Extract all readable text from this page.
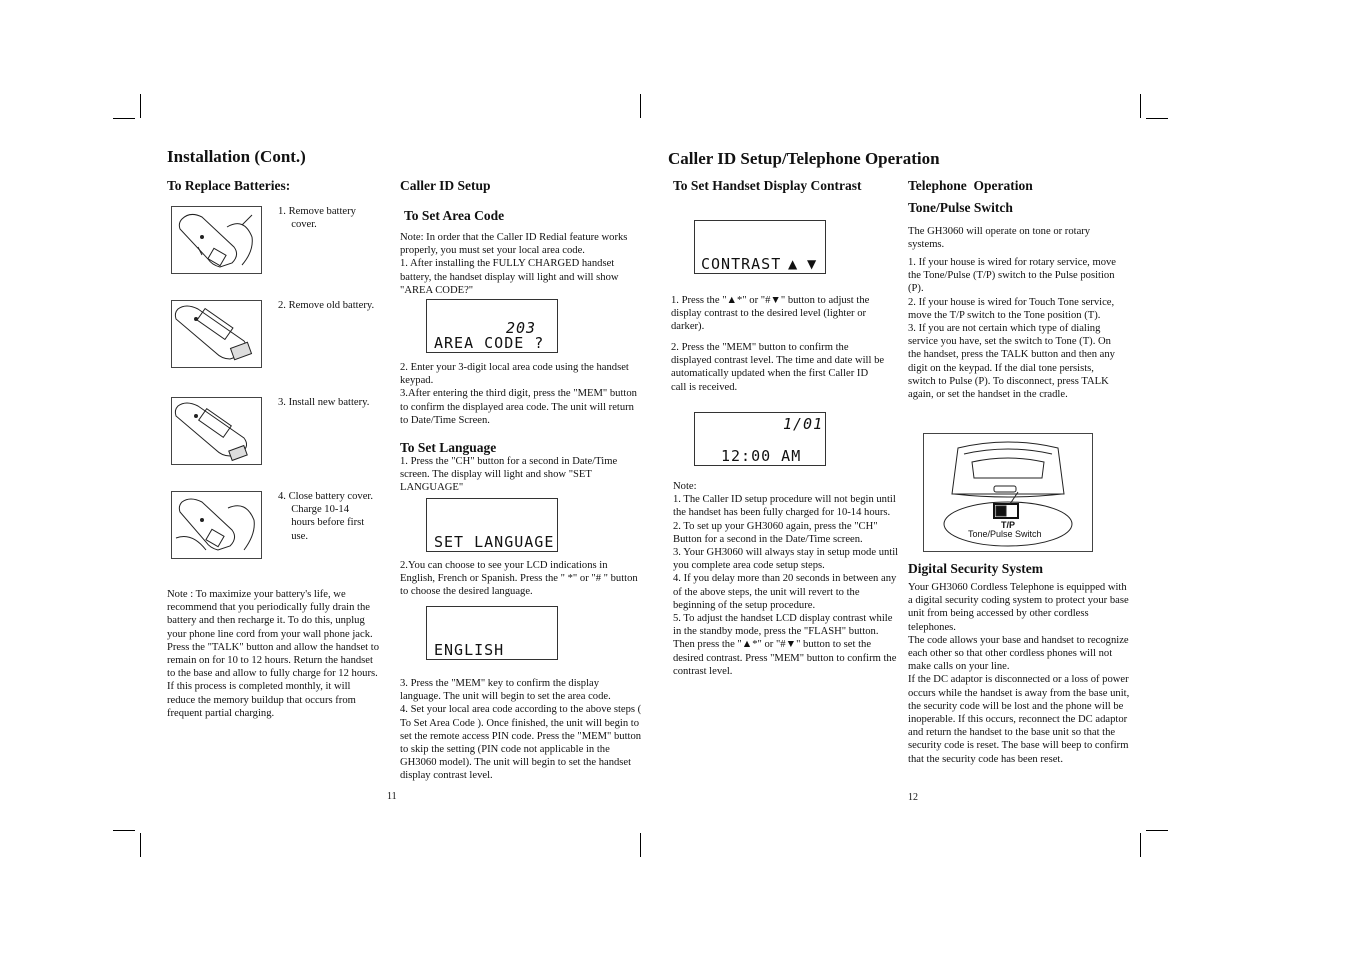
Installation (Cont.)
To Replace Batteries:
1. Remove battery
cover.
2. Remove old battery.
3. Install new battery.
4. Close battery cover.
Charge 10-14
hours before first
use.
Note : To maximize your battery's life, we recommend that you periodically fully drain the battery and then recharge it. To do this, unplug your phone line cord from your wall phone jack. Press the "TALK" button and allow the handset to remain on for 10 to 12 hours. Return the handset to the base and allow to fully charge for 12 hours. If this process is completed monthly, it will reduce the memory buildup that occurs from frequent partial charging.
Caller ID Setup
To Set Area Code
Note: In order that the Caller ID Redial feature works properly, you must set your local area code.
1. After installing the FULLY CHARGED handset battery, the handset display will light and will show "AREA CODE?"
203
AREA CODE ?
2. Enter your 3-digit local area code using the handset keypad.
3.After entering the third digit, press the "MEM" button to confirm the displayed area code. The unit will return to Date/Time Screen.
To Set Language
1. Press the "CH" button for a second in Date/Time screen. The display will light and show "SET LANGUAGE"
SET LANGUAGE
2.You can choose to see your LCD indications in English, French or Spanish. Press the " *" or "# " button to choose the desired language.
ENGLISH
3. Press the "MEM" key to confirm the display language. The unit will begin to set the area code.
4. Set your local area code according to the above steps ( To Set Area Code ). Once finished, the unit will begin to set the remote access PIN code. Press the "MEM" button to skip the setting (PIN code not applicable in the GH3060 model). The unit will begin to set the handset display contrast level.
11
Caller ID Setup/Telephone Operation
To Set Handset Display Contrast
CONTRAST ▲ ▼
1. Press the "▲*" or "#▼" button to adjust the display contrast to the desired level (lighter or darker).
2. Press the "MEM" button to confirm the displayed contrast level. The time and date will be automatically updated when the first Caller ID call is received.
1/01
12:00 AM
Note:
1. The Caller ID setup procedure will not begin until the handset has been fully charged for 10-14 hours.
2. To set up your GH3060 again, press the "CH" Button for a second in the Date/Time screen.
3. Your GH3060 will always stay in setup mode until you complete area code setup steps.
4. If you delay more than 20 seconds in between any of the above steps, the unit will revert to the beginning of the setup procedure.
5. To adjust the handset LCD display contrast while in the standby mode, press the "FLASH" button. Then press the "▲*" or "#▼" button to set the desired contrast. Press "MEM" button to confirm the contrast level.
Telephone  Operation
Tone/Pulse Switch
The GH3060 will operate on tone or rotary systems.
1. If your house is wired for rotary service, move the Tone/Pulse (T/P) switch to the Pulse position (P).
2. If your house is wired for Touch Tone service, move the T/P switch to the Tone position (T).
3. If you are not certain which type of dialing service you have, set the switch to Tone (T). On the handset, press the TALK button and then any digit on the keypad. If the dial tone persists, switch to Pulse (P). To disconnect, press TALK again, or set the handset in the cradle.
T/P
Tone/Pulse Switch
Digital Security System
Your GH3060 Cordless Telephone is equipped with a digital security coding system to protect your base unit from being accessed by other cordless telephones.
The code allows your base and handset to recognize each other so that other cordless phones will not make calls on your line.
If the DC adaptor is disconnected or a loss of power occurs while the handset is away from the base unit, the security code will be lost and the phone will be inoperable. If this occurs, reconnect the DC adaptor and return the handset to the base unit so that the security code is reset. The base will beep to confirm that the security code has been reset.
12
